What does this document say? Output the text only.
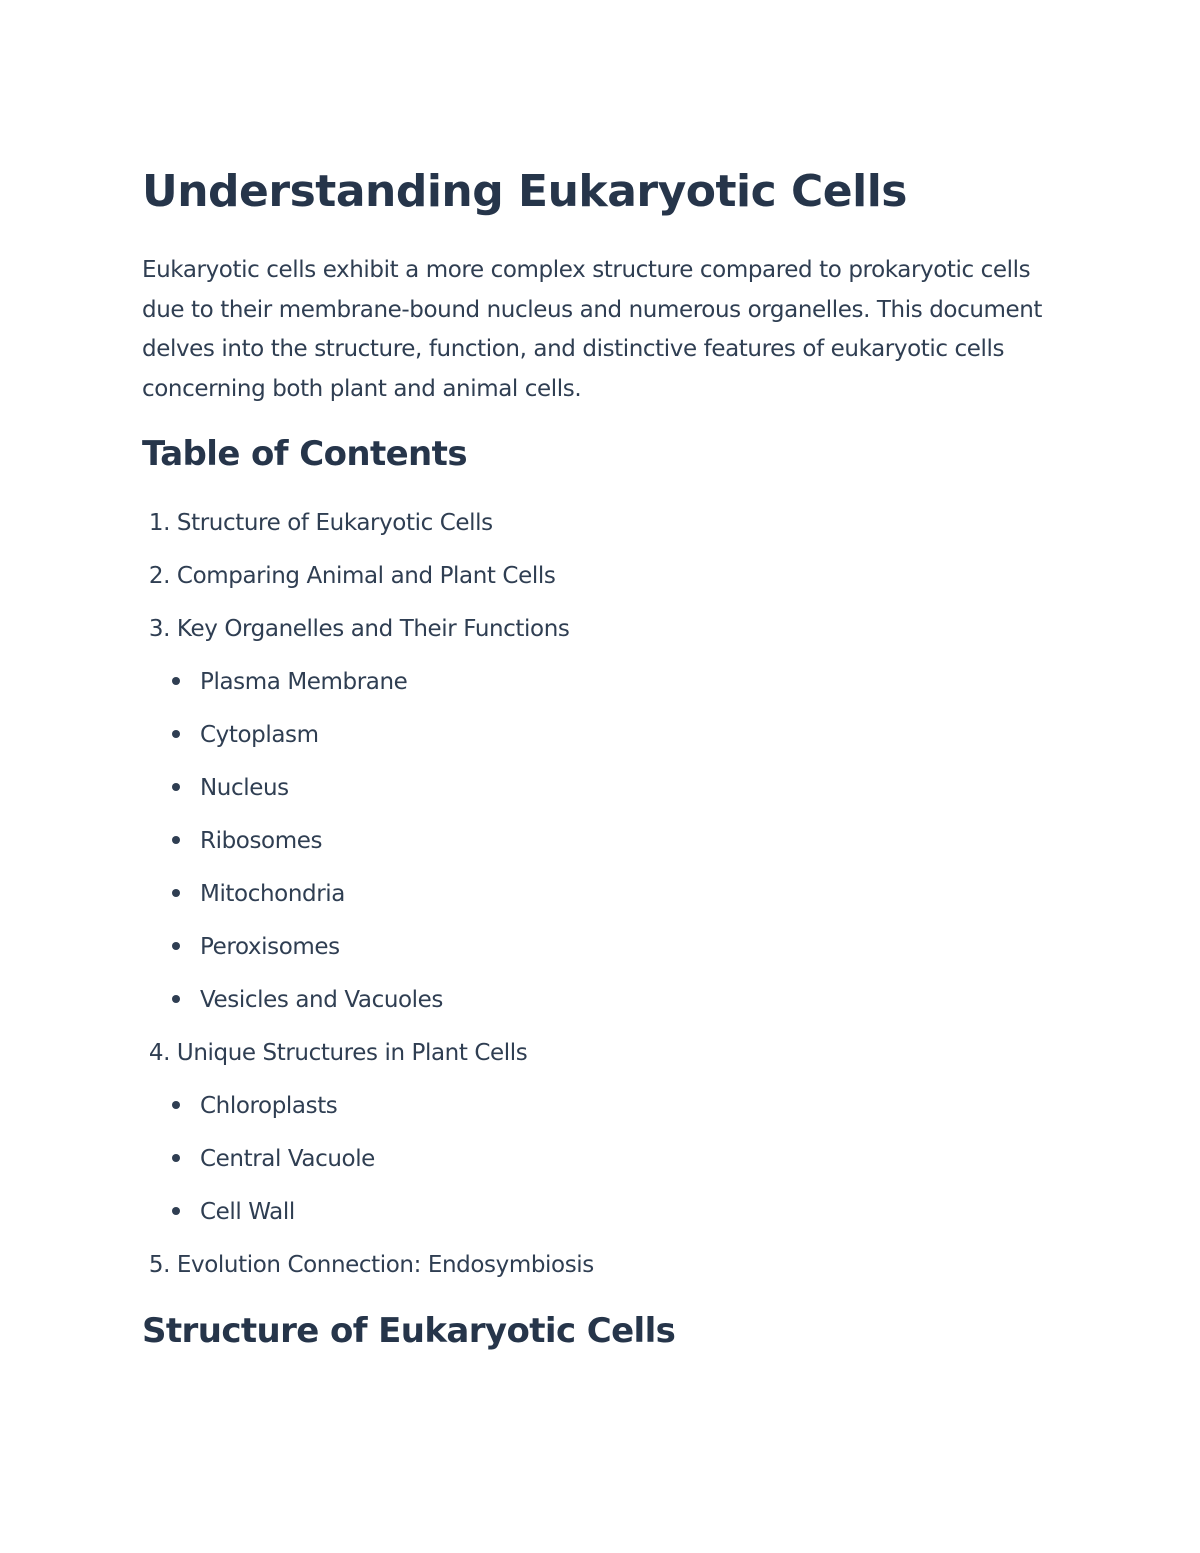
Understanding Eukaryotic Cells

Eukaryotic cells exhibit a more complex structure compared to prokaryotic cells due to their membrane-bound nucleus and numerous organelles. This document delves into the structure, function, and distinctive features of eukaryotic cells concerning both plant and animal cells.

Table of Contents
1. Structure of Eukaryotic Cells
2. Comparing Animal and Plant Cells
3. Key Organelles and Their Functions
Plasma Membrane
Cytoplasm
Nucleus
Ribosomes
Mitochondria
Peroxisomes
Vesicles and Vacuoles
4. Unique Structures in Plant Cells
Chloroplasts
Central Vacuole
Cell Wall
5. Evolution Connection: Endosymbiosis
Structure of Eukaryotic Cells
